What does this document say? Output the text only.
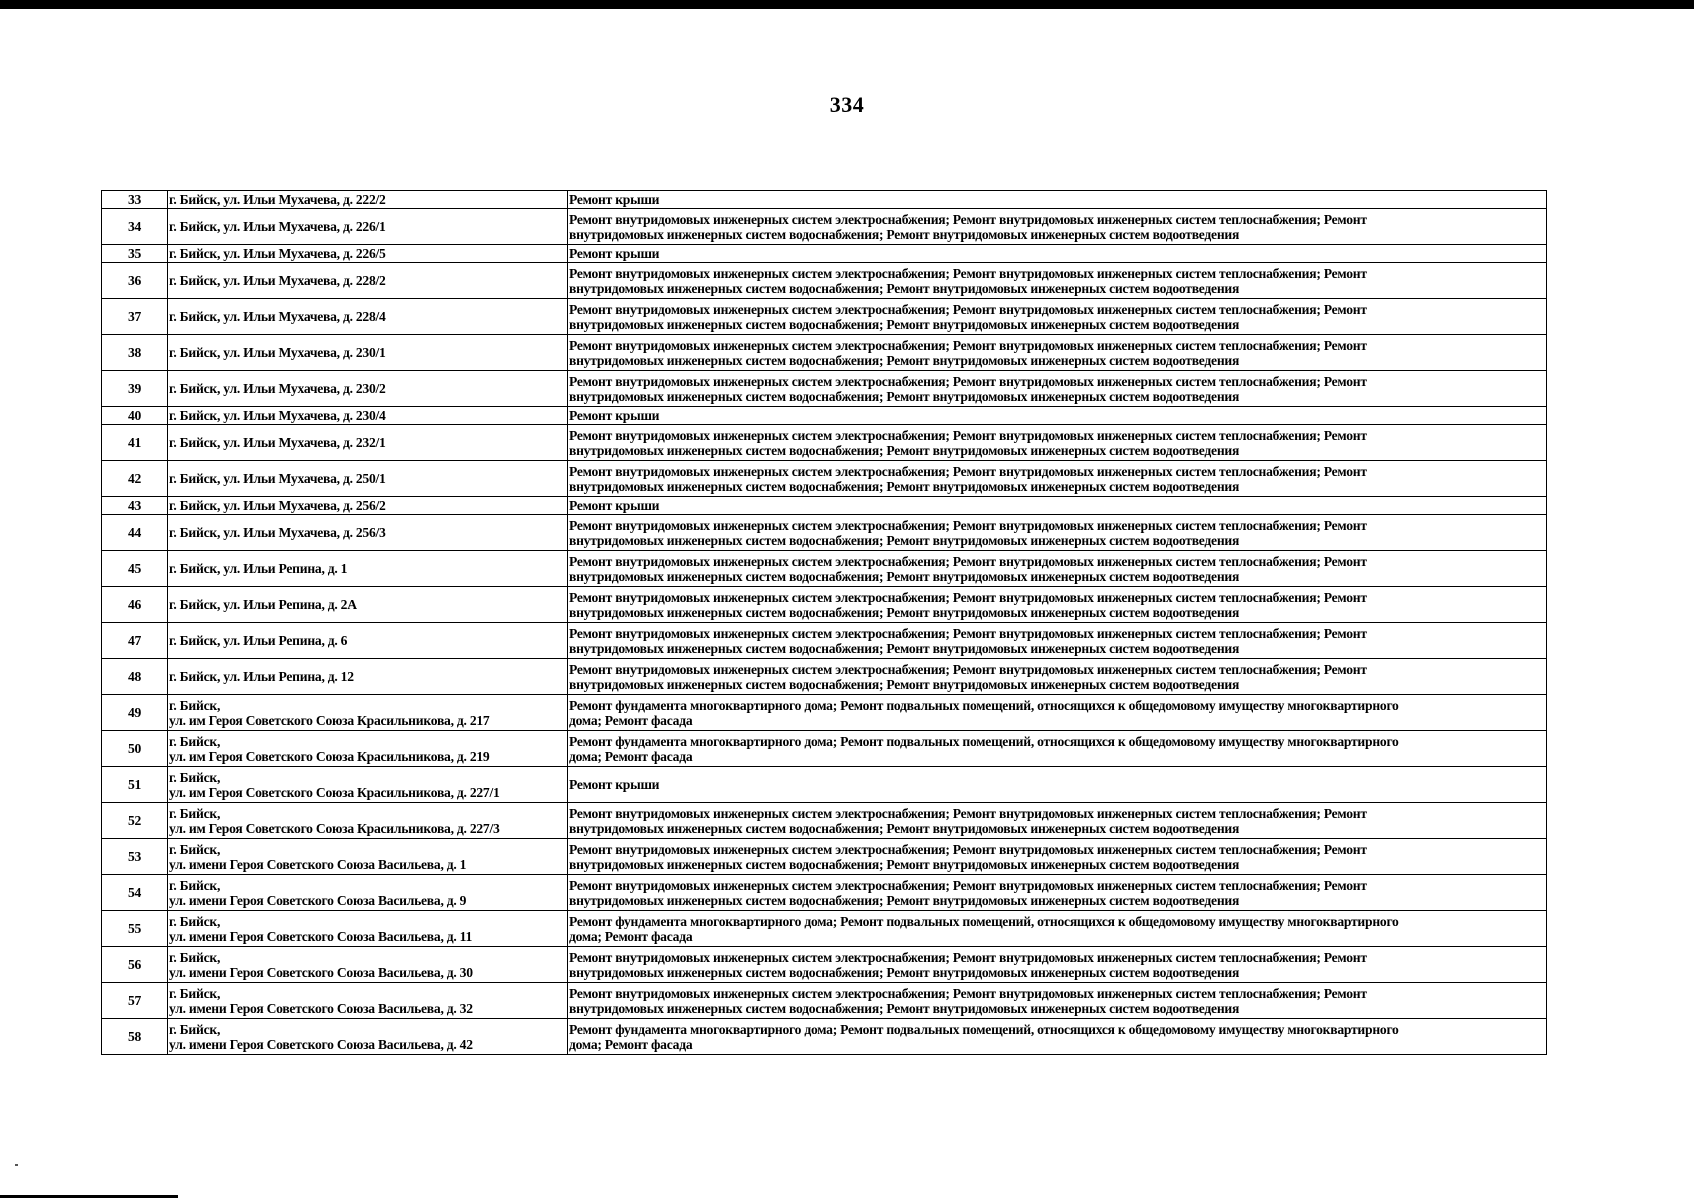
334
33	г. Бийск, ул. Ильи Мухачева, д. 222/2	Ремонт крыши

34	г. Бийск, ул. Ильи Мухачева, д. 226/1	Ремонт внутридомовых инженерных систем электроснабжения; Ремонт внутридомовых инженерных систем теплоснабжения; Ремонт
внутридомовых инженерных систем водоснабжения; Ремонт внутридомовых инженерных систем водоотведения

35	г. Бийск, ул. Ильи Мухачева, д. 226/5	Ремонт крыши

36	г. Бийск, ул. Ильи Мухачева, д. 228/2	Ремонт внутридомовых инженерных систем электроснабжения; Ремонт внутридомовых инженерных систем теплоснабжения; Ремонт
внутридомовых инженерных систем водоснабжения; Ремонт внутридомовых инженерных систем водоотведения

37	г. Бийск, ул. Ильи Мухачева, д. 228/4	Ремонт внутридомовых инженерных систем электроснабжения; Ремонт внутридомовых инженерных систем теплоснабжения; Ремонт
внутридомовых инженерных систем водоснабжения; Ремонт внутридомовых инженерных систем водоотведения

38	г. Бийск, ул. Ильи Мухачева, д. 230/1	Ремонт внутридомовых инженерных систем электроснабжения; Ремонт внутридомовых инженерных систем теплоснабжения; Ремонт
внутридомовых инженерных систем водоснабжения; Ремонт внутридомовых инженерных систем водоотведения

39	г. Бийск, ул. Ильи Мухачева, д. 230/2	Ремонт внутридомовых инженерных систем электроснабжения; Ремонт внутридомовых инженерных систем теплоснабжения; Ремонт
внутридомовых инженерных систем водоснабжения; Ремонт внутридомовых инженерных систем водоотведения

40	г. Бийск, ул. Ильи Мухачева, д. 230/4	Ремонт крыши

41	г. Бийск, ул. Ильи Мухачева, д. 232/1	Ремонт внутридомовых инженерных систем электроснабжения; Ремонт внутридомовых инженерных систем теплоснабжения; Ремонт
внутридомовых инженерных систем водоснабжения; Ремонт внутридомовых инженерных систем водоотведения

42	г. Бийск, ул. Ильи Мухачева, д. 250/1	Ремонт внутридомовых инженерных систем электроснабжения; Ремонт внутридомовых инженерных систем теплоснабжения; Ремонт
внутридомовых инженерных систем водоснабжения; Ремонт внутридомовых инженерных систем водоотведения

43	г. Бийск, ул. Ильи Мухачева, д. 256/2	Ремонт крыши

44	г. Бийск, ул. Ильи Мухачева, д. 256/3	Ремонт внутридомовых инженерных систем электроснабжения; Ремонт внутридомовых инженерных систем теплоснабжения; Ремонт
внутридомовых инженерных систем водоснабжения; Ремонт внутридомовых инженерных систем водоотведения

45	г. Бийск, ул. Ильи Репина, д. 1	Ремонт внутридомовых инженерных систем электроснабжения; Ремонт внутридомовых инженерных систем теплоснабжения; Ремонт
внутридомовых инженерных систем водоснабжения; Ремонт внутридомовых инженерных систем водоотведения

46	г. Бийск, ул. Ильи Репина, д. 2А	Ремонт внутридомовых инженерных систем электроснабжения; Ремонт внутридомовых инженерных систем теплоснабжения; Ремонт
внутридомовых инженерных систем водоснабжения; Ремонт внутридомовых инженерных систем водоотведения

47	г. Бийск, ул. Ильи Репина, д. 6	Ремонт внутридомовых инженерных систем электроснабжения; Ремонт внутридомовых инженерных систем теплоснабжения; Ремонт
внутридомовых инженерных систем водоснабжения; Ремонт внутридомовых инженерных систем водоотведения

48	г. Бийск, ул. Ильи Репина, д. 12	Ремонт внутридомовых инженерных систем электроснабжения; Ремонт внутридомовых инженерных систем теплоснабжения; Ремонт
внутридомовых инженерных систем водоснабжения; Ремонт внутридомовых инженерных систем водоотведения

49	г. Бийск,
ул. им Героя Советского Союза Красильникова, д. 217	Ремонт фундамента многоквартирного дома; Ремонт подвальных помещений, относящихся к общедомовому имуществу многоквартирного
дома; Ремонт фасада

50	г. Бийск,
ул. им Героя Советского Союза Красильникова, д. 219	Ремонт фундамента многоквартирного дома; Ремонт подвальных помещений, относящихся к общедомовому имуществу многоквартирного
дома; Ремонт фасада

51	г. Бийск,
ул. им Героя Советского Союза Красильникова, д. 227/1	Ремонт крыши

52	г. Бийск,
ул. им Героя Советского Союза Красильникова, д. 227/3	Ремонт внутридомовых инженерных систем электроснабжения; Ремонт внутридомовых инженерных систем теплоснабжения; Ремонт
внутридомовых инженерных систем водоснабжения; Ремонт внутридомовых инженерных систем водоотведения

53	г. Бийск,
ул. имени Героя Советского Союза Васильева, д. 1	Ремонт внутридомовых инженерных систем электроснабжения; Ремонт внутридомовых инженерных систем теплоснабжения; Ремонт
внутридомовых инженерных систем водоснабжения; Ремонт внутридомовых инженерных систем водоотведения

54	г. Бийск,
ул. имени Героя Советского Союза Васильева, д. 9	Ремонт внутридомовых инженерных систем электроснабжения; Ремонт внутридомовых инженерных систем теплоснабжения; Ремонт
внутридомовых инженерных систем водоснабжения; Ремонт внутридомовых инженерных систем водоотведения

55	г. Бийск,
ул. имени Героя Советского Союза Васильева, д. 11	Ремонт фундамента многоквартирного дома; Ремонт подвальных помещений, относящихся к общедомовому имуществу многоквартирного
дома; Ремонт фасада

56	г. Бийск,
ул. имени Героя Советского Союза Васильева, д. 30	Ремонт внутридомовых инженерных систем электроснабжения; Ремонт внутридомовых инженерных систем теплоснабжения; Ремонт
внутридомовых инженерных систем водоснабжения; Ремонт внутридомовых инженерных систем водоотведения

57	г. Бийск,
ул. имени Героя Советского Союза Васильева, д. 32	Ремонт внутридомовых инженерных систем электроснабжения; Ремонт внутридомовых инженерных систем теплоснабжения; Ремонт
внутридомовых инженерных систем водоснабжения; Ремонт внутридомовых инженерных систем водоотведения

58	г. Бийск,
ул. имени Героя Советского Союза Васильева, д. 42	Ремонт фундамента многоквартирного дома; Ремонт подвальных помещений, относящихся к общедомовому имуществу многоквартирного
дома; Ремонт фасада
